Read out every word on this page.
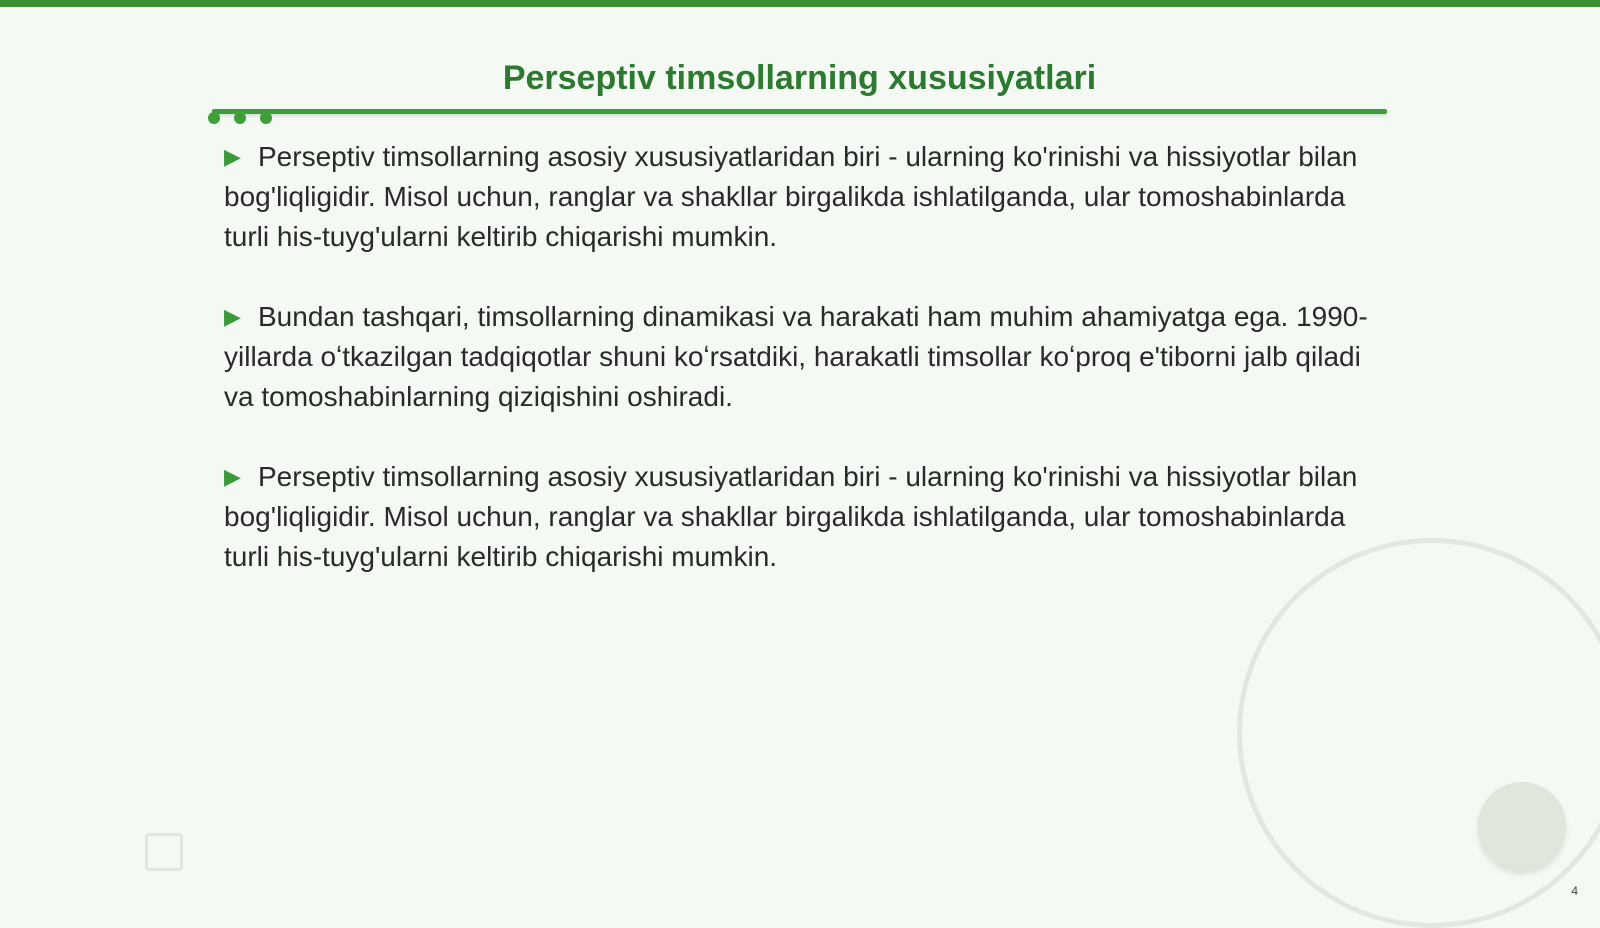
Perseptiv timsollarning xususiyatlari

▶ Perseptiv timsollarning asosiy xususiyatlaridan biri - ularning ko'rinishi va hissiyotlar bilan bog'liqligidir. Misol uchun, ranglar va shakllar birgalikda ishlatilganda, ular tomoshabinlarda turli his-tuyg'ularni keltirib chiqarishi mumkin.

▶ Bundan tashqari, timsollarning dinamikasi va harakati ham muhim ahamiyatga ega. 1990-yillarda oʻtkazilgan tadqiqotlar shuni koʻrsatdiki, harakatli timsollar koʻproq e'tiborni jalb qiladi va tomoshabinlarning qiziqishini oshiradi.

▶ Perseptiv timsollarning asosiy xususiyatlaridan biri - ularning ko'rinishi va hissiyotlar bilan bog'liqligidir. Misol uchun, ranglar va shakllar birgalikda ishlatilganda, ular tomoshabinlarda turli his-tuyg'ularni keltirib chiqarishi mumkin.

4
